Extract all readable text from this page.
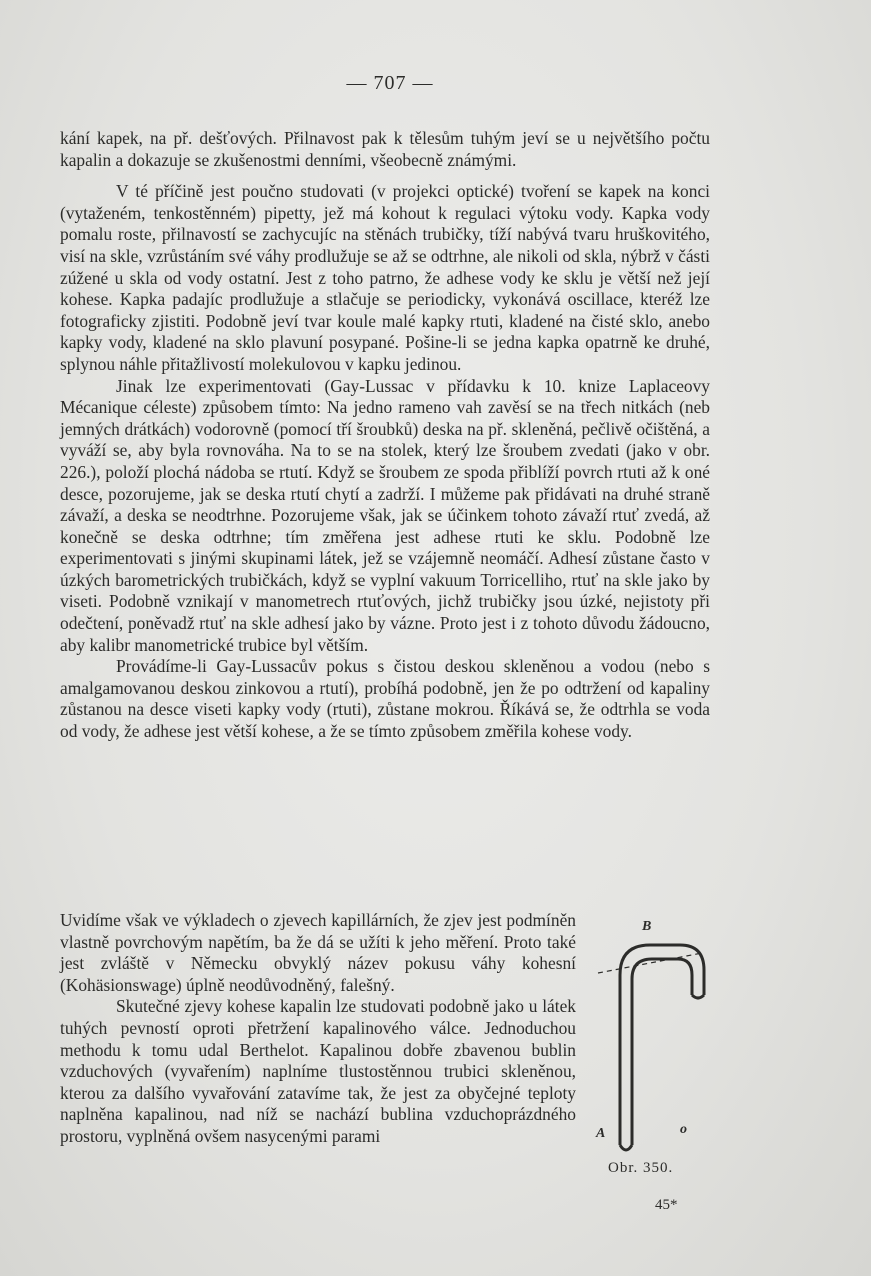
— 707 —

kání kapek, na př. dešťových. Přilnavost pak k tělesům tuhým jeví se u největšího počtu kapalin a dokazuje se zkušenostmi denními, všeobecně známými.

V té příčině jest poučno studovati (v projekci optické) tvoření se kapek na konci (vytaženém, tenkostěnném) pipetty, jež má kohout k regulaci výtoku vody. Kapka vody pomalu roste, přilnavostí se zachycujíc na stěnách trubičky, tíží nabývá tvaru hruškovitého, visí na skle, vzrůstáním své váhy prodlužuje se až se odtrhne, ale nikoli od skla, nýbrž v části zúžené u skla od vody ostatní. Jest z toho patrno, že adhese vody ke sklu je větší než její kohese. Kapka padajíc prodlužuje a stlačuje se periodicky, vykonává oscillace, kteréž lze fotograficky zjistiti. Podobně jeví tvar koule malé kapky rtuti, kladené na čisté sklo, anebo kapky vody, kladené na sklo plavuní posypané. Pošine-li se jedna kapka opatrně ke druhé, splynou náhle přitažlivostí molekulovou v kapku jedinou.

Jinak lze experimentovati (Gay-Lussac v přídavku k 10. knize Laplaceovy Mécanique céleste) způsobem tímto: Na jedno rameno vah zavěsí se na třech nitkách (neb jemných drátkách) vodorovně (pomocí tří šroubků) deska na př. skleněná, pečlivě očištěná, a vyváží se, aby byla rovnováha. Na to se na stolek, který lze šroubem zvedati (jako v obr. 226.), položí plochá nádoba se rtutí. Když se šroubem ze spoda přiblíží povrch rtuti až k oné desce, pozorujeme, jak se deska rtutí chytí a zadrží. I můžeme pak přidávati na druhé straně závaží, a deska se neodtrhne. Pozorujeme však, jak se účinkem tohoto závaží rtuť zvedá, až konečně se deska odtrhne; tím změřena jest adhese rtuti ke sklu. Podobně lze experimentovati s jinými skupinami látek, jež se vzájemně neomáčí. Adhesí zůstane často v úzkých barometrických trubičkách, když se vyplní vakuum Torricelliho, rtuť na skle jako by viseti. Podobně vznikají v manometrech rtuťových, jichž trubičky jsou úzké, nejistoty při odečtení, poněvadž rtuť na skle adhesí jako by vázne. Proto jest i z tohoto důvodu žádoucno, aby kalibr manometrické trubice byl větším.

Provádíme-li Gay-Lussacův pokus s čistou deskou skleněnou a vodou (nebo s amalgamovanou deskou zinkovou a rtutí), probíhá podobně, jen že po odtržení od kapaliny zůstanou na desce viseti kapky vody (rtuti), zůstane mokrou. Říkává se, že odtrhla se voda od vody, že adhese jest větší kohese, a že se tímto způsobem změřila kohese vody.

Uvidíme však ve výkladech o zjevech kapillárních, že zjev jest podmíněn vlastně povrchovým napětím, ba že dá se užíti k jeho měření. Proto také jest zvláště v Německu obvyklý název pokusu váhy kohesní (Kohäsionswage) úplně neodůvodněný, falešný.

Skutečné zjevy kohese kapalin lze studovati podobně jako u látek tuhých pevností oproti přetržení kapalinového válce. Jednoduchou methodu k tomu udal Berthelot. Kapalinou dobře zbavenou bublin vzduchových (vyvařením) naplníme tlustostěnnou trubici skleněnou, kterou za dalšího vyvařování zatavíme tak, že jest za obyčejné teploty naplněna kapalinou, nad níž se nachází bublina vzduchoprázdného prostoru, vyplněná ovšem nasycenými parami

B
A	o
Obr. 350.
45*
